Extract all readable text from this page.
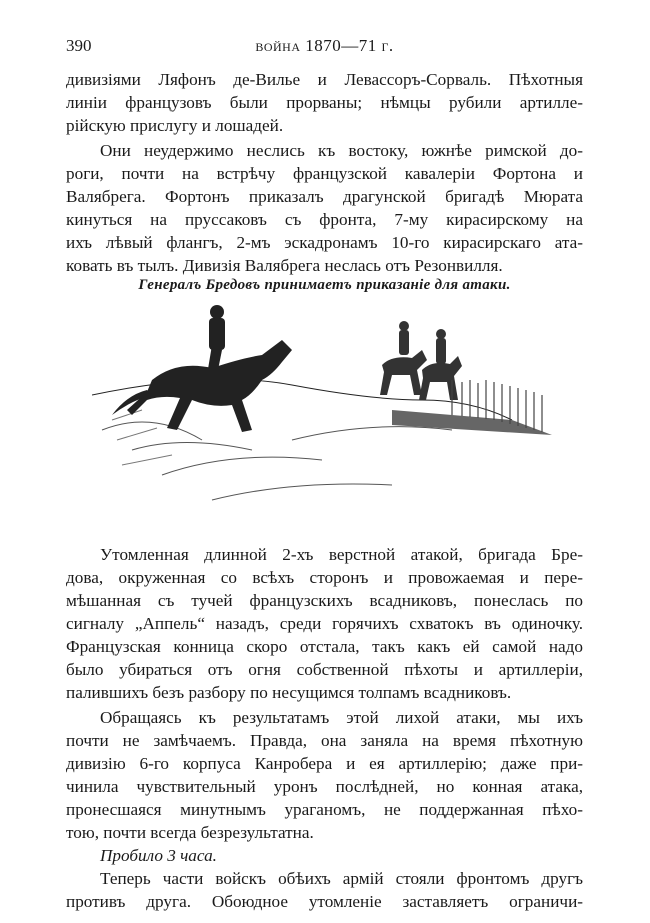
390	война 1870—71 г.
дивизіями Ляфонъ де-Вилье и Левассоръ-Сорваль. Пѣхотныя
линіи французовъ были прорваны; нѣмцы рубили артилле-
рійскую прислугу и лошадей.
Они неудержимо неслись къ востоку, южнѣе римской до-
роги, почти на встрѣчу французской кавалеріи Фортона и
Валябрега. Фортонъ приказалъ драгунской бригадѣ Мюрата
кинуться на пруссаковъ съ фронта, 7-му кирасирскому на
ихъ лѣвый флангъ, 2-мъ эскадронамъ 10-го кирасирскаго ата-
ковать въ тылъ. Дивизія Валябрега неслась отъ Резонвилля.
Генералъ Бредовъ принимаетъ приказаніе для атаки.
Утомленная длинной 2-хъ верстной атакой, бригада Бре-
дова, окруженная со всѣхъ сторонъ и провожаемая и пере-
мѣшанная съ тучей французскихъ всадниковъ, понеслась по
сигналу „Аппель“ назадъ, среди горячихъ схватокъ въ одиночку.
Французская конница скоро отстала, такъ какъ ей самой надо
было убираться отъ огня собственной пѣхоты и артиллеріи,
палившихъ безъ разбору по несущимся толпамъ всадниковъ.
Обращаясь къ результатамъ этой лихой атаки, мы ихъ
почти не замѣчаемъ. Правда, она заняла на время пѣхотную
дивизію 6-го корпуса Канробера и ея артиллерію; даже при-
чинила чувствительный уронъ послѣдней, но конная атака,
пронесшаяся минутнымъ ураганомъ, не поддержанная пѣхо-
тою, почти всегда безрезультатна.
Пробило 3 часа.
Теперь части войскъ обѣихъ армій стояли фронтомъ другъ
противъ друга. Обоюдное утомленіе заставляетъ ограничи-
